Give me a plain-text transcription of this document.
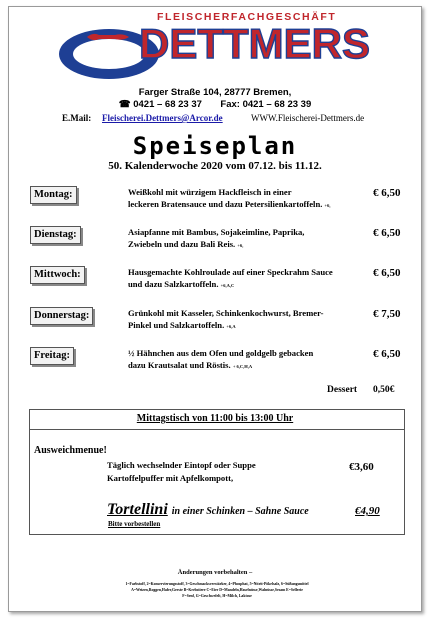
FLEISCHERFACHGESCHÄFT
DETTMERS
Farger Straße 104, 28777 Bremen,
☎ 0421 – 68 23 37 Fax: 0421 – 68 23 39
E.Mail: Fleischerei.Dettmers@Arcor.de	WWW.Fleischerei-Dettmers.de
Speiseplan
50. Kalenderwoche 2020 vom 07.12. bis 11.12.
Montag:	Weißkohl mit würzigem Hackfleisch in einer
leckeren Bratensauce und dazu Petersilienkartoffeln. +6,
€ 6,50
Dienstag:	Asiapfanne mit Bambus, Sojakeimline, Paprika,
Zwiebeln und dazu Bali Reis. +6,
€ 6,50
Mittwoch:	Hausgemachte Kohlroulade auf einer Speckrahm Sauce
und dazu Salzkartoffeln. +6,A,C
€ 6,50
Donnerstag:	Grünkohl mit Kasseler, Schinkenkochwurst, Bremer-
Pinkel und Salzkartoffeln. +6,A
€ 7,50
Freitag:	½ Hähnchen aus dem Ofen und goldgelb gebacken
dazu Krautsalat und Röstis. + 6,C,H,A
€ 6,50
Dessert 0,50€
Mittagstisch von 11:00 bis 13:00 Uhr
Ausweichmenue!
Täglich wechselnder Eintopf oder Suppe
Kartoffelpuffer mit Apfelkompott,
€3,60
Tortellini in einer Schinken – Sahne Sauce	€4,90
Bitte vorbestellen
Änderungen vorbehalten –
1=Farbstoff, 2=Konservierungsstoff, 3=Geschmacksverstärker, 4=Phosphat, 5=Nitrit-Pökelsalz, 6=Süßungsmittel
A=Weizen,Roggen,Hafer,Gerste B=Krebstiere C=Eier D=Mandeln,Haselnüsse,Walnüsse,Sesam E=Sellerie
F=Senf, G=Geschwefelt, H=Milch, Laktose
